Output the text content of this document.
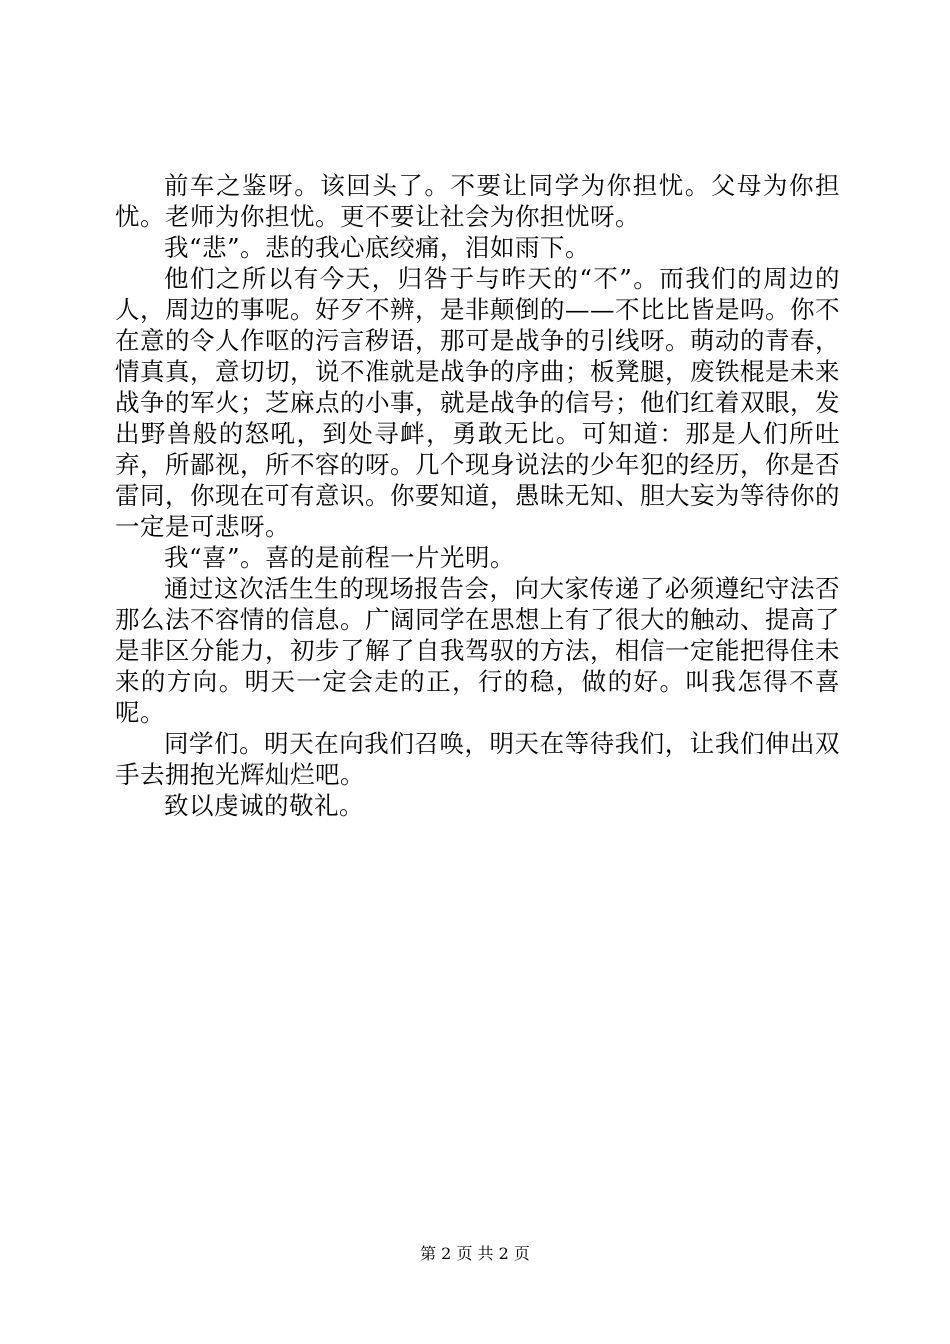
前车之鉴呀。该回头了。不要让同学为你担忧。父母为你担忧。老师为你担忧。更不要让社会为你担忧呀。

我“悲”。悲的我心底绞痛，泪如雨下。

他们之所以有今天，归咎于与昨天的“不”。而我们的周边的人，周边的事呢。好歹不辨，是非颠倒的——不比比皆是吗。你不在意的令人作呕的污言秽语，那可是战争的引线呀。萌动的青春，情真真，意切切，说不准就是战争的序曲；板凳腿，废铁棍是未来战争的军火；芝麻点的小事，就是战争的信号；他们红着双眼，发出野兽般的怒吼，到处寻衅，勇敢无比。可知道：那是人们所吐弃，所鄙视，所不容的呀。几个现身说法的少年犯的经历，你是否雷同，你现在可有意识。你要知道，愚昧无知、胆大妄为等待你的一定是可悲呀。

我“喜”。喜的是前程一片光明。

通过这次活生生的现场报告会，向大家传递了必须遵纪守法否那么法不容情的信息。广阔同学在思想上有了很大的触动、提高了是非区分能力，初步了解了自我驾驭的方法，相信一定能把得住未来的方向。明天一定会走的正，行的稳，做的好。叫我怎得不喜呢。

同学们。明天在向我们召唤，明天在等待我们，让我们伸出双手去拥抱光辉灿烂吧。

致以虔诚的敬礼。

第 2 页 共 2 页
